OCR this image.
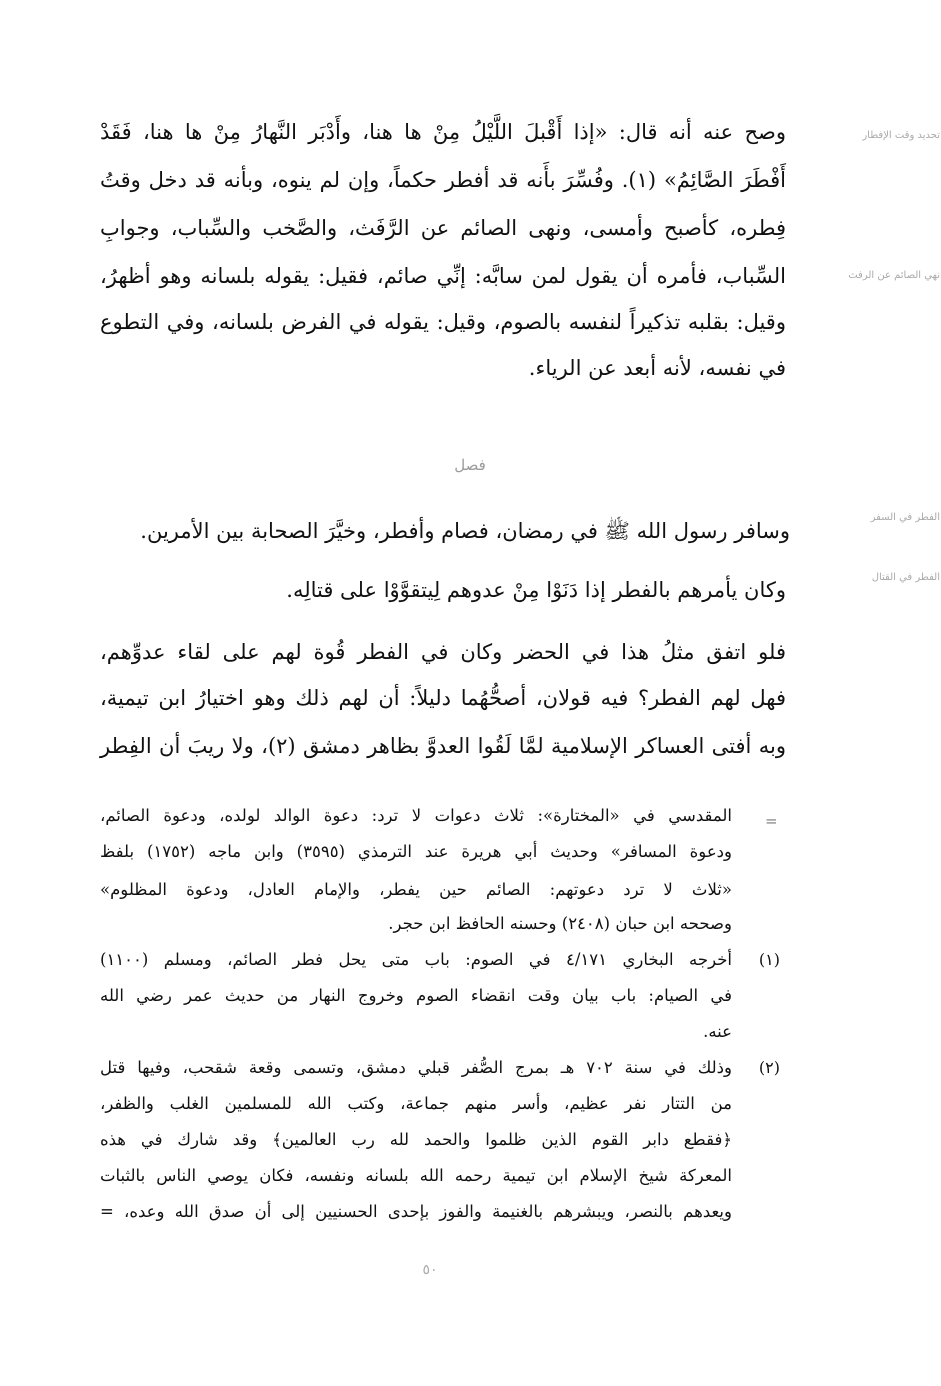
تحديد وقت الإفطار
نهي الصائم عن الرفث
الفطر في السفر
الفطر في القتال
وصح عنه أنه قال: «إذا أَقْبلَ اللَّيْلُ مِنْ ها هنا، وأَدْبَر النَّهارُ مِنْ ها هنا، فَقَدْ
أَفْطَرَ الصَّائِمُ» (١). وفُسِّرَ بأَنه قد أفطر حكماً، وإن لم ينوه، وبأنه قد دخل وقتُ
فِطره، كأصبح وأمسى، ونهى الصائم عن الرَّفَث، والصَّخب والسِّباب، وجوابِ
السِّباب، فأمره أن يقول لمن سابَّه: إنِّي صائم، فقيل: يقوله بلسانه وهو أظهرُ،
وقيل: بقلبه تذكيراً لنفسه بالصوم، وقيل: يقوله في الفرض بلسانه، وفي التطوع
في نفسه، لأنه أبعد عن الرياء.
فصل
وسافر رسول الله ﷺ في رمضان، فصام وأفطر، وخيَّرَ الصحابة بين الأمرين.
وكان يأمرهم بالفطر إذا دَنَوْا مِنْ عدوهم لِيتقوَّوْا على قتالِه.
فلو اتفق مثلُ هذا في الحضر وكان في الفطر قُوة لهم على لقاء عدوِّهم،
فهل لهم الفطر؟ فيه قولان، أصحُّهُما دليلاً: أن لهم ذلك وهو اختيارُ ابن تيمية،
وبه أفتى العساكر الإسلامية لمَّا لَقُوا العدوَّ بظاهر دمشق (٢)، ولا ريبَ أن الفِطر
=
المقدسي في «المختارة»: ثلاث دعوات لا ترد: دعوة الوالد لولده، ودعوة الصائم،
ودعوة المسافر» وحديث أبي هريرة عند الترمذي (٣٥٩٥) وابن ماجه (١٧٥٢) بلفظ
«ثلاث لا ترد دعوتهم: الصائم حين يفطر، والإمام العادل، ودعوة المظلوم»
وصححه ابن حبان (٢٤٠٨) وحسنه الحافظ ابن حجر.
(١)
أخرجه البخاري ٤/١٧١ في الصوم: باب متى يحل فطر الصائم، ومسلم (١١٠٠)
في الصيام: باب بيان وقت انقضاء الصوم وخروج النهار من حديث عمر رضي الله
عنه.
(٢)
وذلك في سنة ٧٠٢ هـ بمرج الصُّفر قبلي دمشق، وتسمى وقعة شقحب، وفيها قتل
من التتار نفر عظيم، وأسر منهم جماعة، وكتب الله للمسلمين الغلب والظفر،
﴿فقطع دابر القوم الذين ظلموا والحمد لله رب العالمين﴾ وقد شارك في هذه
المعركة شيخ الإسلام ابن تيمية رحمه الله بلسانه ونفسه، فكان يوصي الناس بالثبات
ويعدهم بالنصر، ويبشرهم بالغنيمة والفوز بإحدى الحسنيين إلى أن صدق الله وعده، =
٥٠
